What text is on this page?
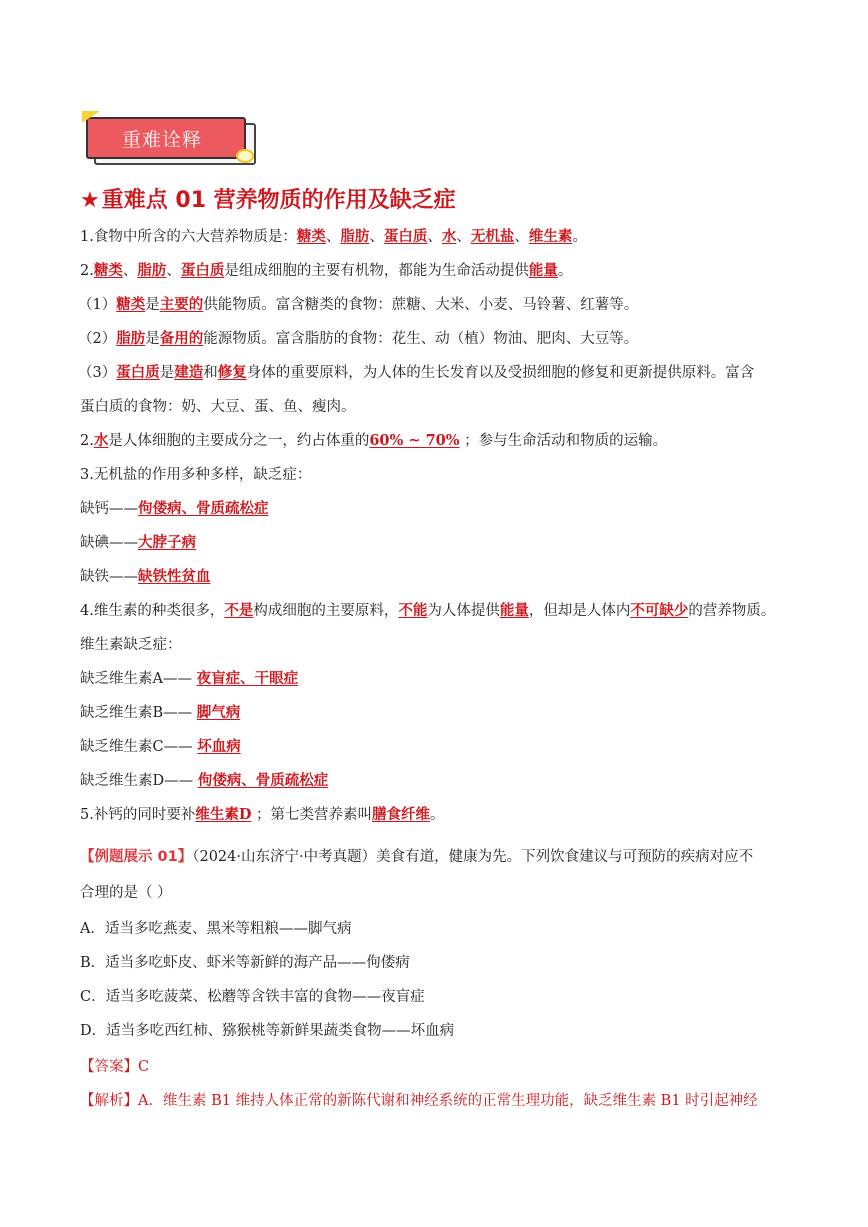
重难诠释
★重难点 01 营养物质的作用及缺乏症
1.食物中所含的六大营养物质是：糖类、脂肪、蛋白质、水、无机盐、维生素。
2.糖类、脂肪、蛋白质是组成细胞的主要有机物，都能为生命活动提供能量。
（1）糖类是主要的供能物质。富含糖类的食物：蔗糖、大米、小麦、马铃薯、红薯等。
（2）脂肪是备用的能源物质。富含脂肪的食物：花生、动（植）物油、肥肉、大豆等。
（3）蛋白质是建造和修复身体的重要原料，为人体的生长发育以及受损细胞的修复和更新提供原料。富含
蛋白质的食物：奶、大豆、蛋、鱼、瘦肉。
2.水是人体细胞的主要成分之一，约占体重的60% ~ 70% ；参与生命活动和物质的运输。
3.无机盐的作用多种多样，缺乏症：
缺钙——佝偻病、骨质疏松症
缺碘——大脖子病
缺铁——缺铁性贫血
4.维生素的种类很多，不是构成细胞的主要原料，不能为人体提供能量，但却是人体内不可缺少的营养物质。
维生素缺乏症：
缺乏维生素A—— 夜盲症、干眼症
缺乏维生素B—— 脚气病
缺乏维生素C—— 坏血病
缺乏维生素D—— 佝偻病、骨质疏松症
5.补钙的同时要补维生素D ；第七类营养素叫膳食纤维。
【例题展示 01】（2024·山东济宁·中考真题）美食有道，健康为先。下列饮食建议与可预防的疾病对应不
合理的是（ ）
A．适当多吃燕麦、黑米等粗粮——脚气病
B．适当多吃虾皮、虾米等新鲜的海产品——佝偻病
C．适当多吃菠菜、松蘑等含铁丰富的食物——夜盲症
D．适当多吃西红柿、猕猴桃等新鲜果蔬类食物——坏血病
【答案】C
【解析】A．维生素 B1 维持人体正常的新陈代谢和神经系统的正常生理功能，缺乏维生素 B1 时引起神经
